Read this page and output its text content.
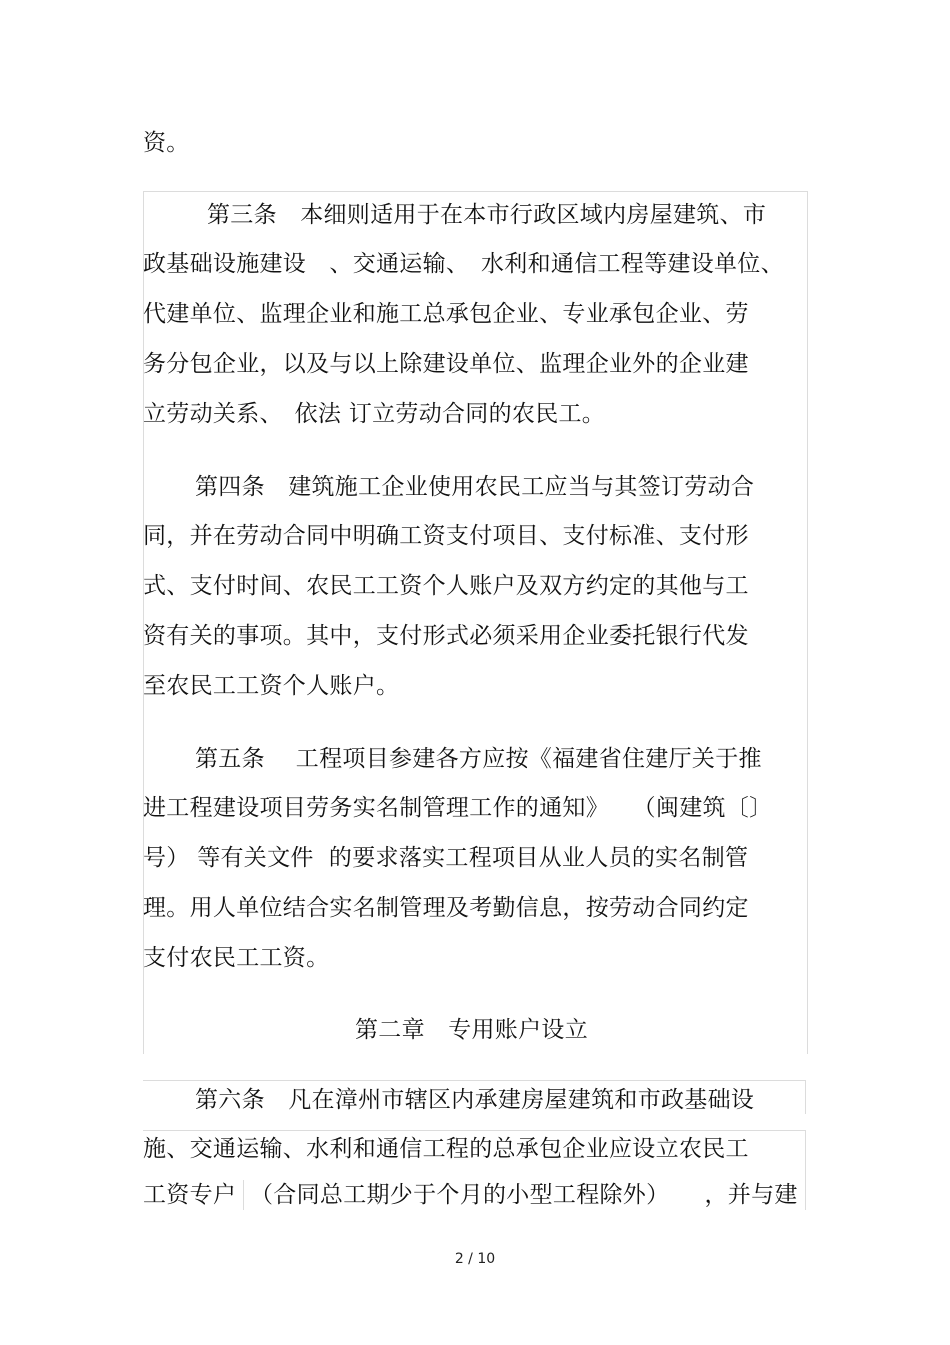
资。
第三条　本细则适用于在本市行政区域内房屋建筑、市
政基础设施建设　、交通运输、　水利和通信工程等建设单位、
代建单位、监理企业和施工总承包企业、专业承包企业、劳
务分包企业，以及与以上除建设单位、监理企业外的企业建
立劳动关系、　依法 订立劳动合同的农民工。
第四条　建筑施工企业使用农民工应当与其签订劳动合
同，并在劳动合同中明确工资支付项目、支付标准、支付形
式、支付时间、农民工工资个人账户及双方约定的其他与工
资有关的事项。其中，支付形式必须采用企业委托银行代发
至农民工工资个人账户。
第五条　 工程项目参建各方应按《福建省住建厅关于推
进工程建设项目劳务实名制管理工作的通知》　　（闽建筑〔〕
号） 等有关文件  的要求落实工程项目从业人员的实名制管
理。用人单位结合实名制管理及考勤信息，按劳动合同约定
支付农民工工资。
第二章　专用账户设立
第六条　凡在漳州市辖区内承建房屋建筑和市政基础设
施、交通运输、水利和通信工程的总承包企业应设立农民工
工资专户 （合同总工期少于个月的小型工程除外）　　，并与建
2 / 10
